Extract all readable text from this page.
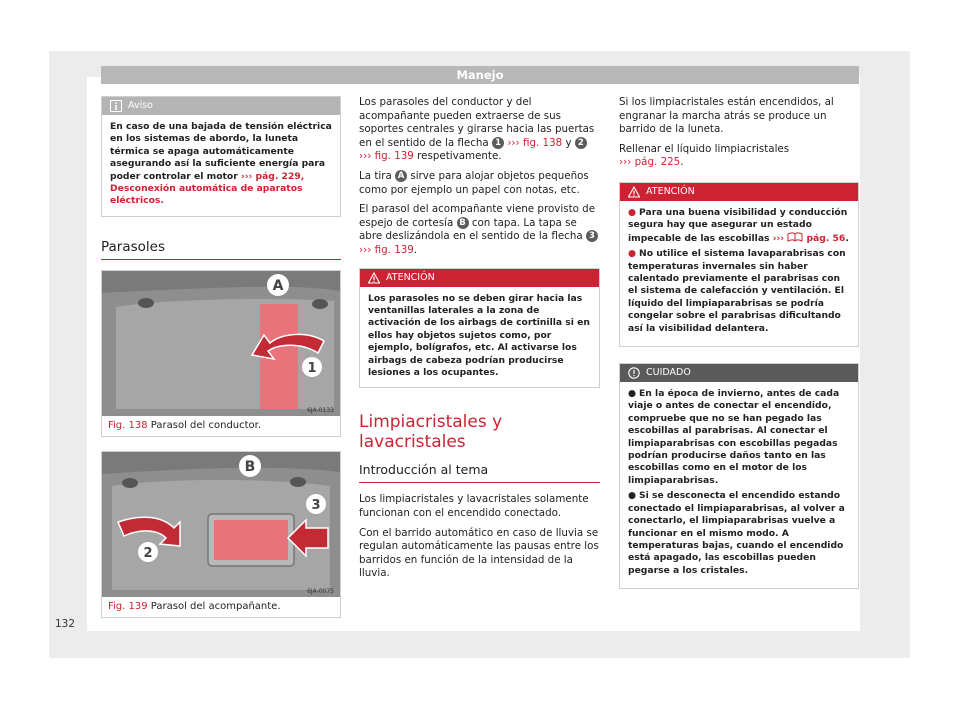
Manejo
Aviso
En caso de una bajada de tensión eléctrica en los sistemas de abordo, la luneta térmica se apaga automáticamente asegurando así la suficiente energía para poder controlar el motor ››› pág. 229, Desconexión automática de aparatos eléctricos.
Parasoles
A
1
6JA-0133
Fig. 138 Parasol del conductor.
B
2
3
6JA-0075
Fig. 139 Parasol del acompañante.

Los parasoles del conductor y del acompañante pueden extraerse de sus soportes centrales y girarse hacia las puertas en el sentido de la flecha 1 ››› fig. 138 y 2 ››› fig. 139 respetivamente.

La tira A sirve para alojar objetos pequeños como por ejemplo un papel con notas, etc.

El parasol del acompañante viene provisto de espejo de cortesía B con tapa. La tapa se abre deslizándola en el sentido de la flecha 3 ››› fig. 139.

ATENCIÓN
Los parasoles no se deben girar hacia las ventanillas laterales a la zona de activación de los airbags de cortinilla si en ellos hay objetos sujetos como, por ejemplo, bolígrafos, etc. Al activarse los airbags de cabeza podrían producirse lesiones a los ocupantes.
Limpiacristales y lavacristales
Introducción al tema

Los limpiacristales y lavacristales solamente funcionan con el encendido conectado.

Con el barrido automático en caso de lluvia se regulan automáticamente las pausas entre los barridos en función de la intensidad de la lluvia.

Si los limpiacristales están encendidos, al engranar la marcha atrás se produce un barrido de la luneta.

Rellenar el líquido limpiacristales
››› pág. 225.

ATENCIÓN
● Para una buena visibilidad y conducción segura hay que asegurar un estado impecable de las escobillas ››› pág. 56.
● No utilice el sistema lavaparabrisas con temperaturas invernales sin haber calentado previamente el parabrisas con el sistema de calefacción y ventilación. El líquido del limpiaparabrisas se podría congelar sobre el parabrisas dificultando así la visibilidad delantera.
CUIDADO
● En la época de invierno, antes de cada viaje o antes de conectar el encendido, compruebe que no se han pegado las escobillas al parabrisas. Al conectar el limpiaparabrisas con escobillas pegadas podrían producirse daños tanto en las escobillas como en el motor de los limpiaparabrisas.
● Si se desconecta el encendido estando conectado el limpiaparabrisas, al volver a conectarlo, el limpiaparabrisas vuelve a funcionar en el mismo modo. A temperaturas bajas, cuando el encendido está apagado, las escobillas pueden pegarse a los cristales.
132
